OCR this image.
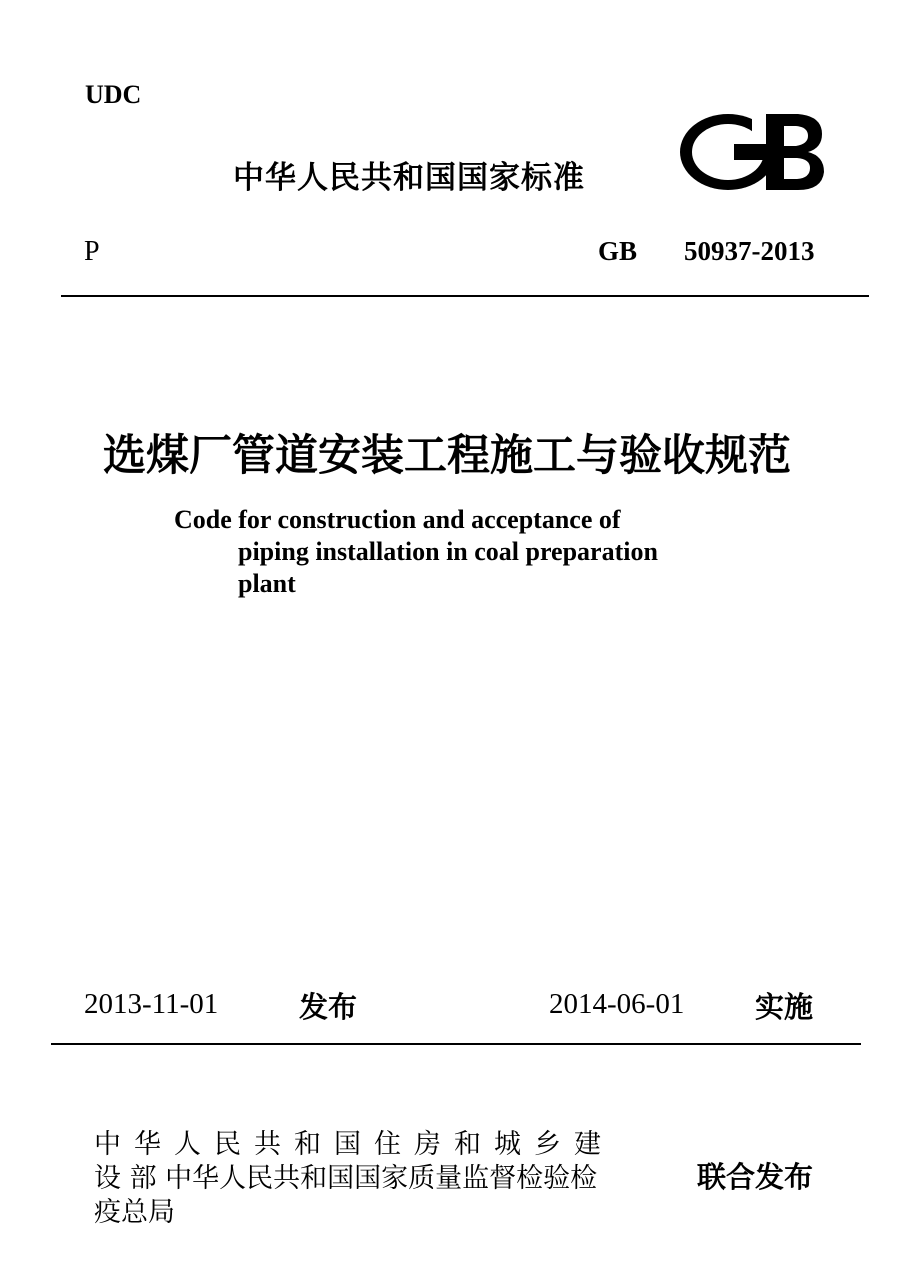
UDC
中华人民共和国国家标准
P	GB 50937-2013
选煤厂管道安装工程施工与验收规范
Code for construction and acceptance of
piping installation in coal preparation
plant
2013-11-01	发布	2014-06-01 实施
中华人民共和国住房和城乡建
设 部 中华人民共和国国家质量监督检验检
疫总局
联合发布
